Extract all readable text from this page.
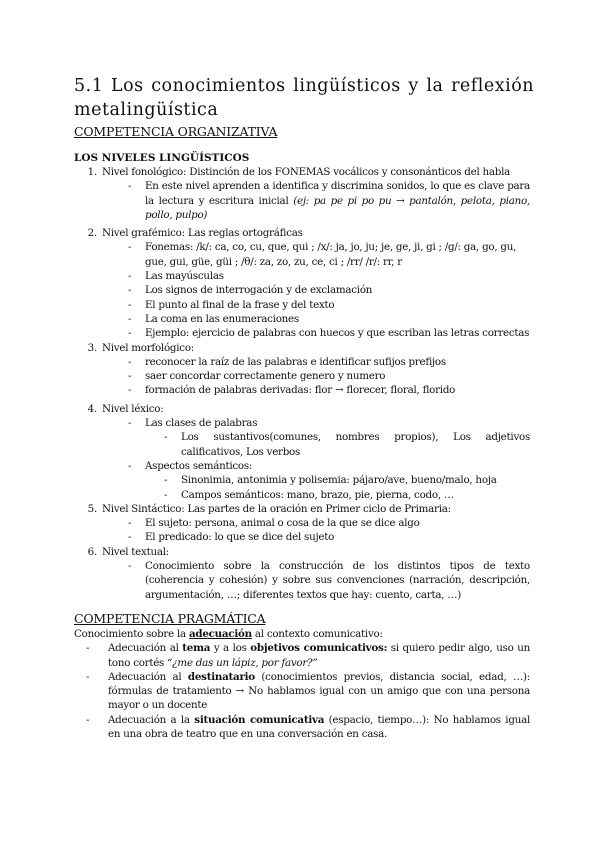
5.1 Los conocimientos lingüísticos y la reflexión metalingüística
COMPETENCIA ORGANIZATIVA
LOS NIVELES LINGÜÍSTICOS
1. Nivel fonológico: Distinción de los FONEMAS vocálicos y consonánticos del habla
-	En este nivel aprenden a identifica y discrimina sonidos, lo que es clave para la lectura y escritura inicial (ej: pa pe pi po pu → pantalón, pelota, piano, pollo, pulpo)
2. Nivel grafémico: Las reglas ortográficas
-	Fonemas: /k/: ca, co, cu, que, qui ; /x/: ja, jo, ju; je, ge, ji, gi ; /g/: ga, go, gu, gue, gui, güe, güi ; /θ/: za, zo, zu, ce, ci ; /rr/ /r/: rr, r
-	Las mayúsculas
-	Los signos de interrogación y de exclamación
-	El punto al final de la frase y del texto
-	La coma en las enumeraciones
-	Ejemplo: ejercicio de palabras con huecos y que escriban las letras correctas
3. Nivel morfológico:
-	reconocer la raíz de las palabras e identificar sufijos prefijos
-	saer concordar correctamente genero y numero
-	formación de palabras derivadas: flor → florecer, floral, florido
4. Nivel léxico:
-	Las clases de palabras
-	Los sustantivos(comunes, nombres propios), Los adjetivos calificativos, Los verbos
-	Aspectos semánticos:
-	Sinonimia, antonimia y polisemia: pájaro/ave, bueno/malo, hoja
-	Campos semánticos: mano, brazo, pie, pierna, codo, …
5. Nivel Sintáctico: Las partes de la oración en Primer ciclo de Primaria:
-	El sujeto: persona, animal o cosa de la que se dice algo
-	El predicado: lo que se dice del sujeto
6. Nivel textual:
-	Conocimiento sobre la construcción de los distintos tipos de texto (coherencia y cohesión) y sobre sus convenciones (narración, descripción, argumentación, …; diferentes textos que hay: cuento, carta, …)
COMPETENCIA PRAGMÁTICA

Conocimiento sobre la adecuación al contexto comunicativo:

-	Adecuación al tema y a los objetivos comunicativos: si quiero pedir algo, uso un tono cortés “¿me das un lápiz, por favor?”
-	Adecuación al destinatario (conocimientos previos, distancia social, edad, …): fórmulas de tratamiento → No hablamos igual con un amigo que con una persona mayor o un docente
-	Adecuación a la situación comunicativa (espacio, tiempo…): No hablamos igual en una obra de teatro que en una conversación en casa.
